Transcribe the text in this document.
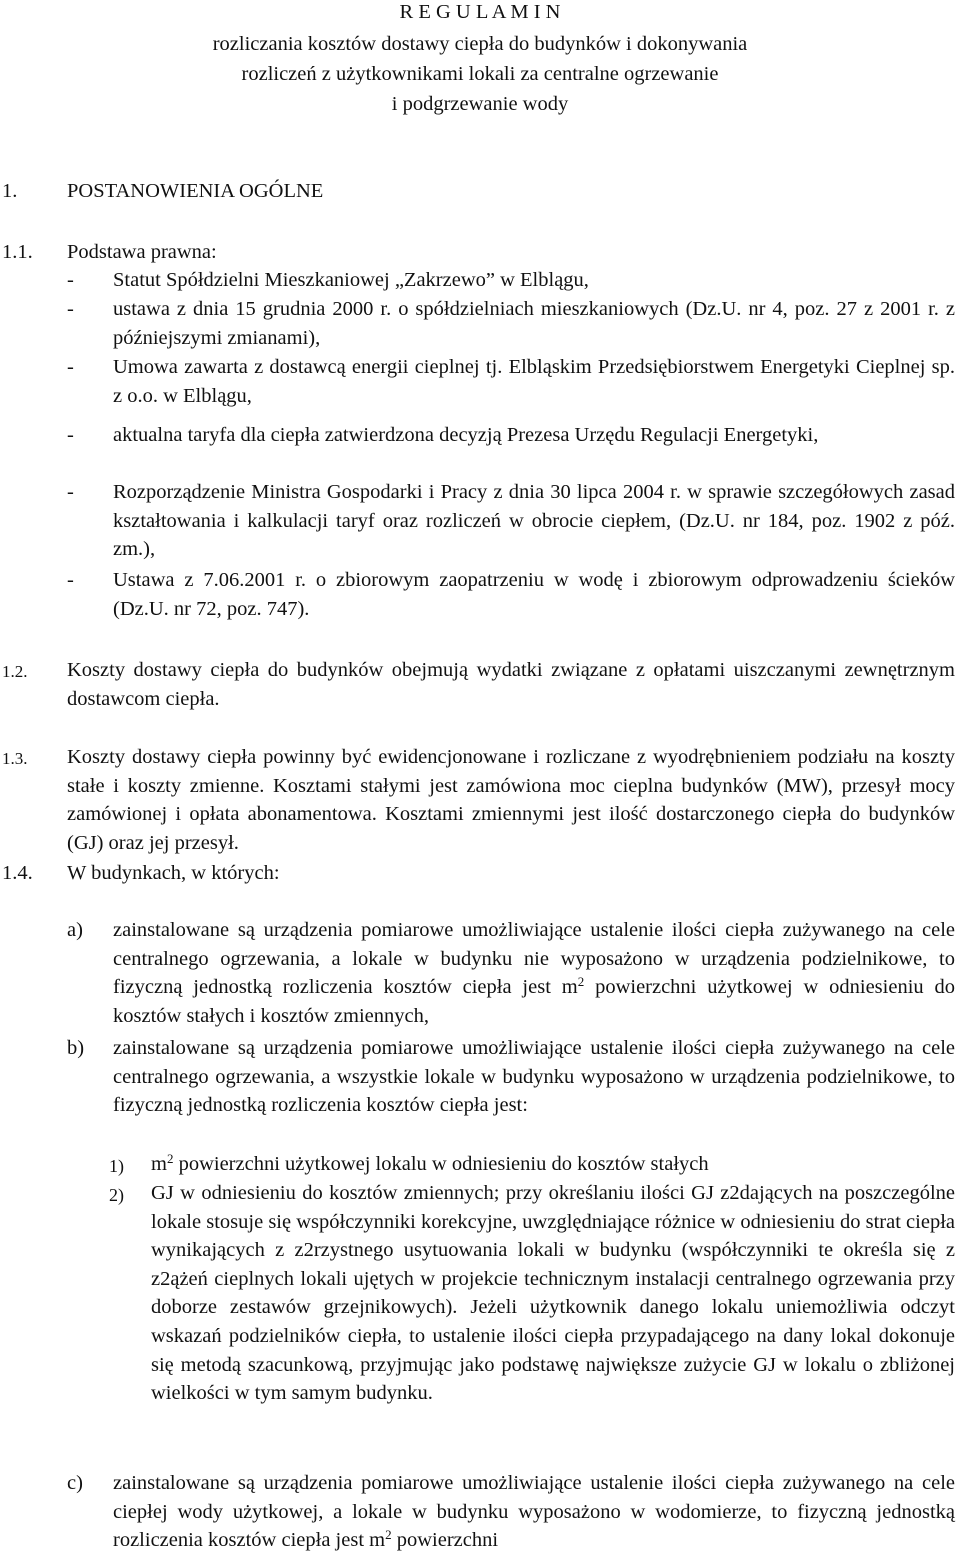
R E G U L A M I N
rozliczania kosztów dostawy ciepła do budynków i dokonywania
rozliczeń z użytkownikami lokali za centralne ogrzewanie
i podgrzewanie wody
1. POSTANOWIENIA OGÓLNE
1.1. Podstawa prawna:
- Statut Spółdzielni Mieszkaniowej „Zakrzewo” w Elblągu,
- ustawa z dnia 15 grudnia 2000 r. o spółdzielniach mieszkaniowych (Dz.U. nr 4, poz. 27 z 2001 r. z późniejszymi zmianami),
- Umowa zawarta z dostawcą energii cieplnej tj. Elbląskim Przedsiębiorstwem Energetyki Cieplnej sp. z o.o. w Elblągu,
- aktualna taryfa dla ciepła zatwierdzona decyzją Prezesa Urzędu Regulacji Energetyki,
- Rozporządzenie Ministra Gospodarki i Pracy z dnia 30 lipca 2004 r. w sprawie szczegółowych zasad kształtowania i kalkulacji taryf oraz rozliczeń w obrocie ciepłem, (Dz.U. nr 184, poz. 1902 z póź. zm.),
- Ustawa z 7.06.2001 r. o zbiorowym zaopatrzeniu w wodę i zbiorowym odprowadzeniu ścieków (Dz.U. nr 72, poz. 747).
1.2. Koszty dostawy ciepła do budynków obejmują wydatki związane z opłatami uiszczanymi zewnętrznym dostawcom ciepła.
1.3. Koszty dostawy ciepła powinny być ewidencjonowane i rozliczane z wyodrębnieniem podziału na koszty stałe i koszty zmienne. Kosztami stałymi jest zamówiona moc cieplna budynków (MW), przesył mocy zamówionej i opłata abonamentowa. Kosztami zmiennymi jest ilość dostarczonego ciepła do budynków (GJ) oraz jej przesył.
1.4. W budynkach, w których:
a) zainstalowane są urządzenia pomiarowe umożliwiające ustalenie ilości ciepła zużywanego na cele centralnego ogrzewania, a lokale w budynku nie wyposażono w urządzenia podzielnikowe, to fizyczną jednostką rozliczenia kosztów ciepła jest $m^2$ powierzchni użytkowej w odniesieniu do kosztów stałych i kosztów zmiennych,
b) zainstalowane są urządzenia pomiarowe umożliwiające ustalenie ilości ciepła zużywanego na cele centralnego ogrzewania, a wszystkie lokale w budynku wyposażono w urządzenia podzielnikowe, to fizyczną jednostką rozliczenia kosztów ciepła jest:
1) $m^2$ powierzchni użytkowej lokalu w odniesieniu do kosztów stałych
2) GJ w odniesieniu do kosztów zmiennych; przy określaniu ilości GJ z2dających na poszczególne lokale stosuje się współczynniki korekcyjne, uwzględniające różnice w odniesieniu do strat ciepła wynikających z z2rzystnego usytuowania lokali w budynku (współczynniki te określa się z z2ążeń cieplnych lokali ujętych w projekcie technicznym instalacji centralnego ogrzewania przy doborze zestawów grzejnikowych). Jeżeli użytkownik danego lokalu uniemożliwia odczyt wskazań podzielników ciepła, to ustalenie ilości ciepła przypadającego na dany lokal dokonuje się metodą szacunkową, przyjmując jako podstawę największe zużycie GJ w lokalu o zbliżonej wielkości w tym samym budynku.
c) zainstalowane są urządzenia pomiarowe umożliwiające ustalenie ilości ciepła zużywanego na cele ciepłej wody użytkowej, a lokale w budynku wyposażono w wodomierze, to fizyczną jednostką rozliczenia kosztów ciepła jest $m^2$ powierzchni
